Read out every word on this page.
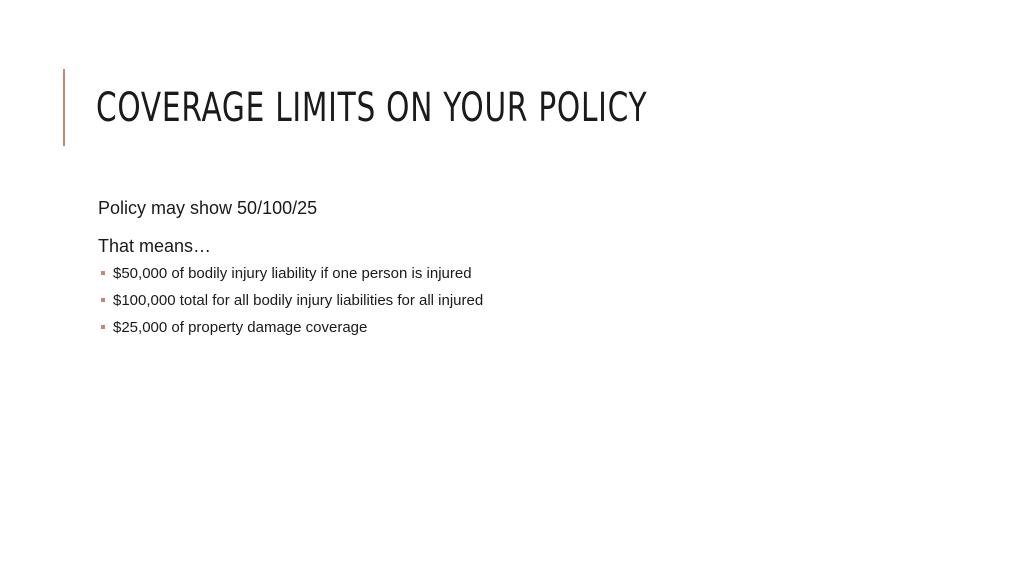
COVERAGE LIMITS ON YOUR POLICY

Policy may show 50/100/25

That means…

$50,000 of bodily injury liability if one person is injured
$100,000 total for all bodily injury liabilities for all injured
$25,000 of property damage coverage
